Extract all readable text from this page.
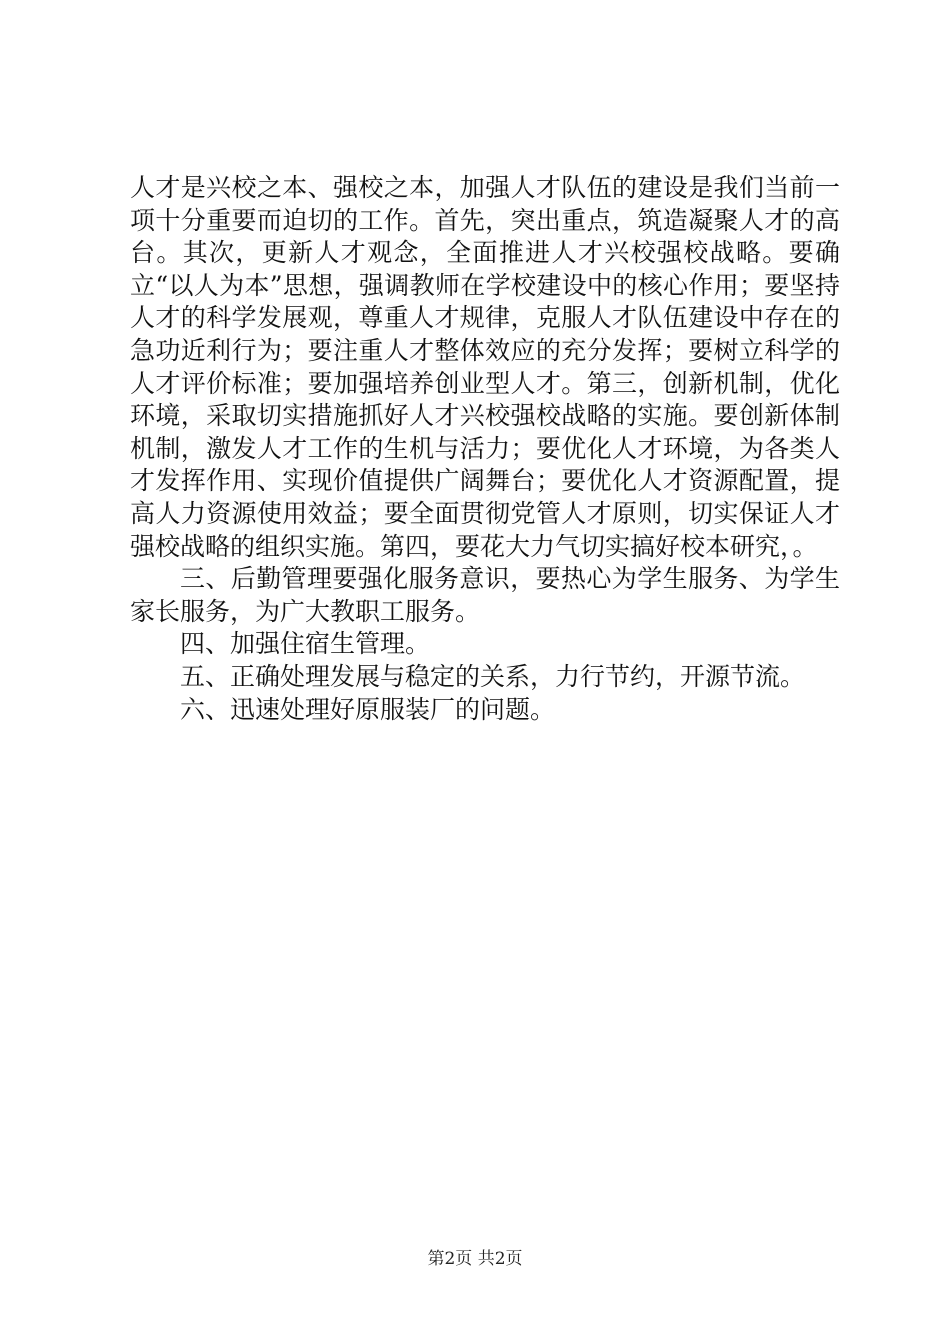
人才是兴校之本、强校之本，加强人才队伍的建设是我们当前一项十分重要而迫切的工作。首先，突出重点，筑造凝聚人才的高台。其次，更新人才观念，全面推进人才兴校强校战略。要确立“以人为本”思想，强调教师在学校建设中的核心作用；要坚持人才的科学发展观，尊重人才规律，克服人才队伍建设中存在的急功近利行为；要注重人才整体效应的充分发挥；要树立科学的人才评价标准；要加强培养创业型人才。第三，创新机制，优化环境，采取切实措施抓好人才兴校强校战略的实施。要创新体制机制，激发人才工作的生机与活力；要优化人才环境，为各类人才发挥作用、实现价值提供广阔舞台；要优化人才资源配置，提高人力资源使用效益；要全面贯彻党管人才原则，切实保证人才强校战略的组织实施。第四，要花大力气切实搞好校本研究，。

三、后勤管理要强化服务意识，要热心为学生服务、为学生家长服务，为广大教职工服务。

四、加强住宿生管理。

五、正确处理发展与稳定的关系，力行节约，开源节流。

六、迅速处理好原服装厂的问题。

第2页 共2页
